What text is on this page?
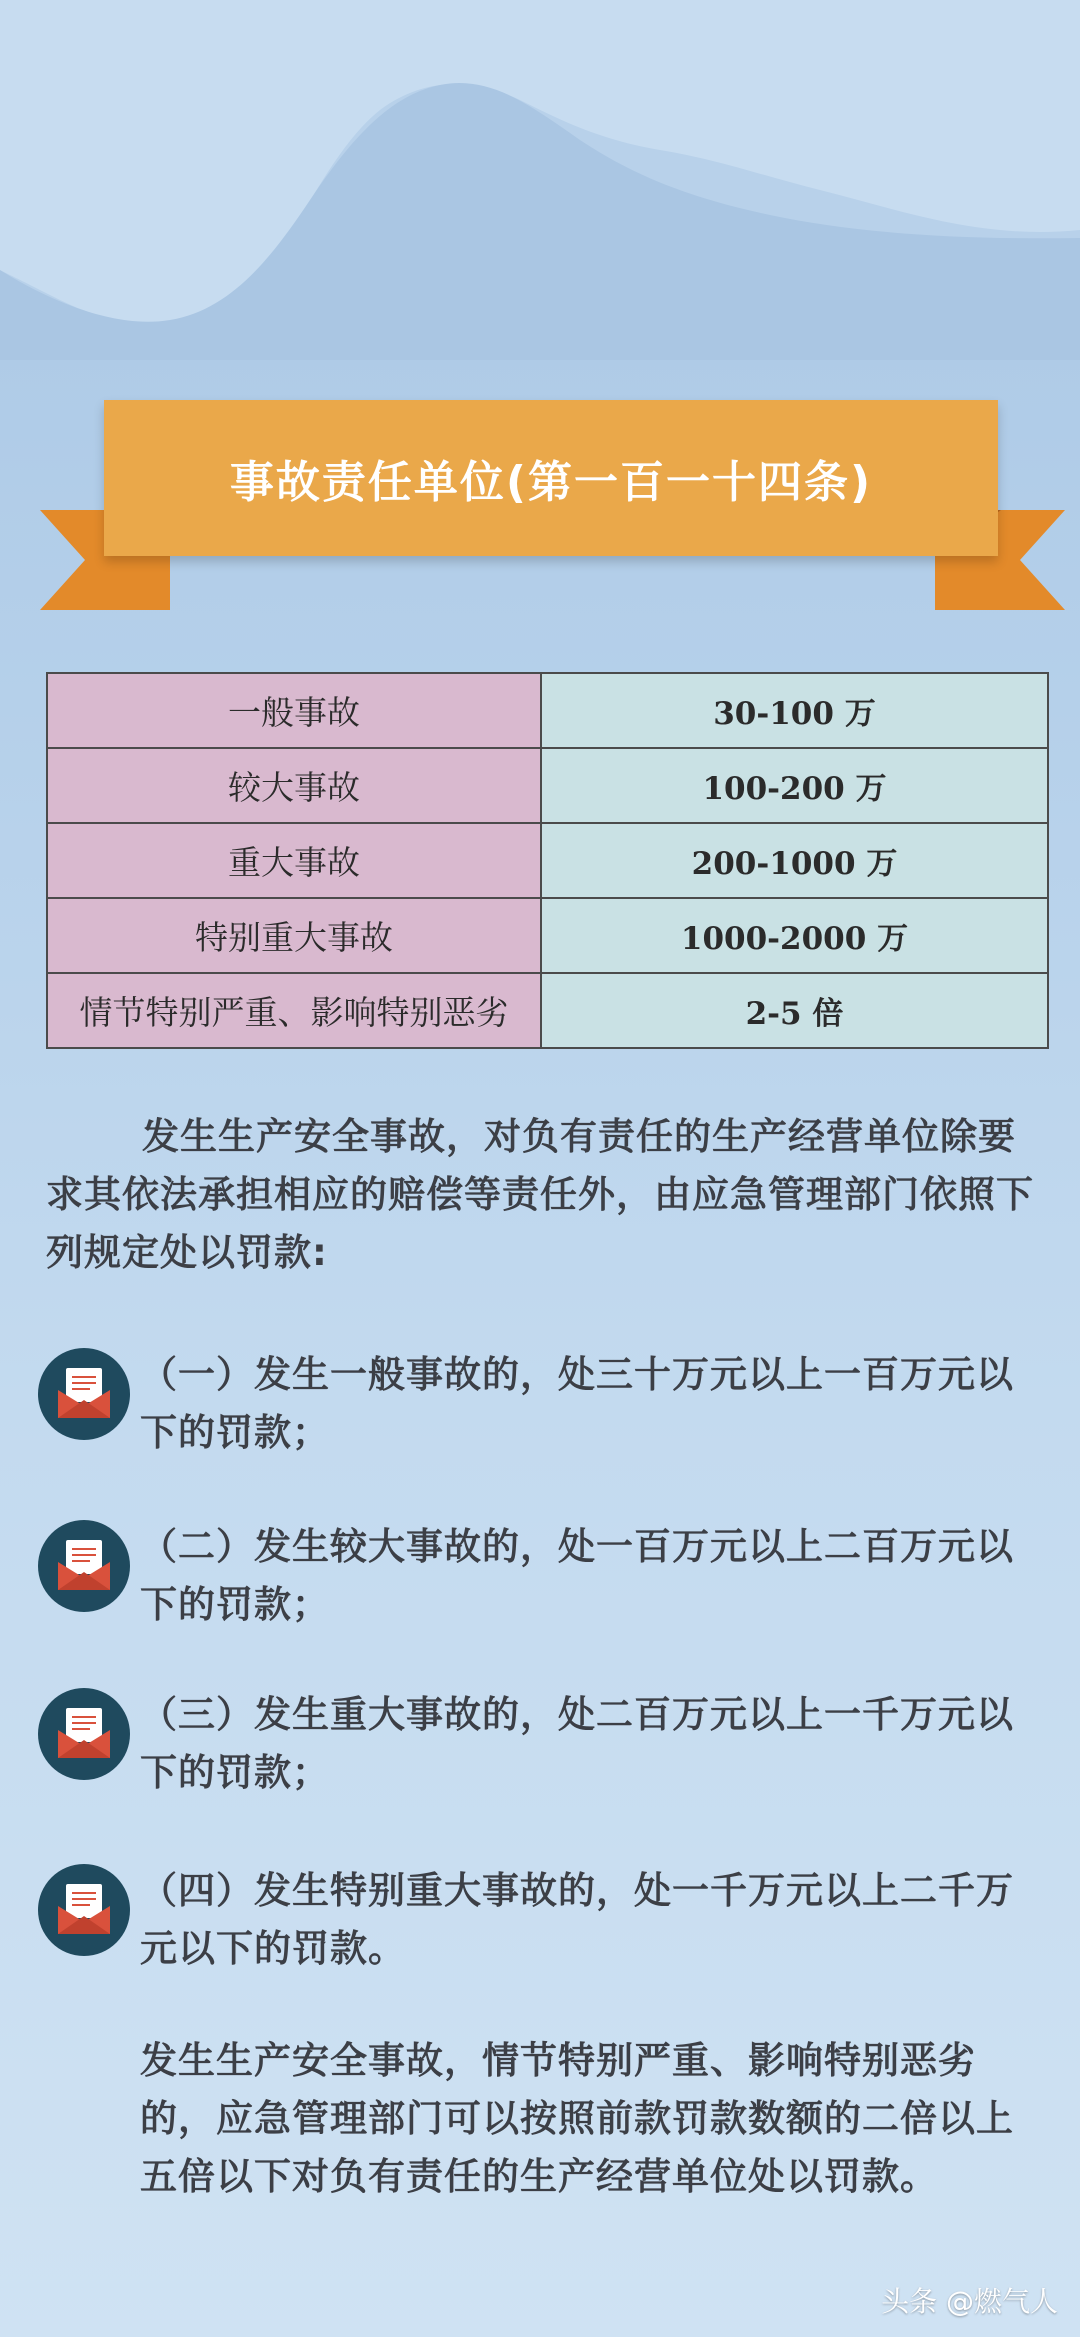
事故责任单位(第一百一十四条)
一般事故	30-100 万
较大事故	100-200 万
重大事故	200-1000 万
特别重大事故	1000-2000 万
情节特别严重、影响特别恶劣	2-5 倍
发生生产安全事故，对负有责任的生产经营单位除要求其依法承担相应的赔偿等责任外，由应急管理部门依照下列规定处以罚款:
（一）发生一般事故的，处三十万元以上一百万元以下的罚款；
（二）发生较大事故的，处一百万元以上二百万元以下的罚款；
（三）发生重大事故的，处二百万元以上一千万元以下的罚款；
（四）发生特别重大事故的，处一千万元以上二千万元以下的罚款。
发生生产安全事故，情节特别严重、影响特别恶劣的，应急管理部门可以按照前款罚款数额的二倍以上五倍以下对负有责任的生产经营单位处以罚款。
头条 @燃气人
